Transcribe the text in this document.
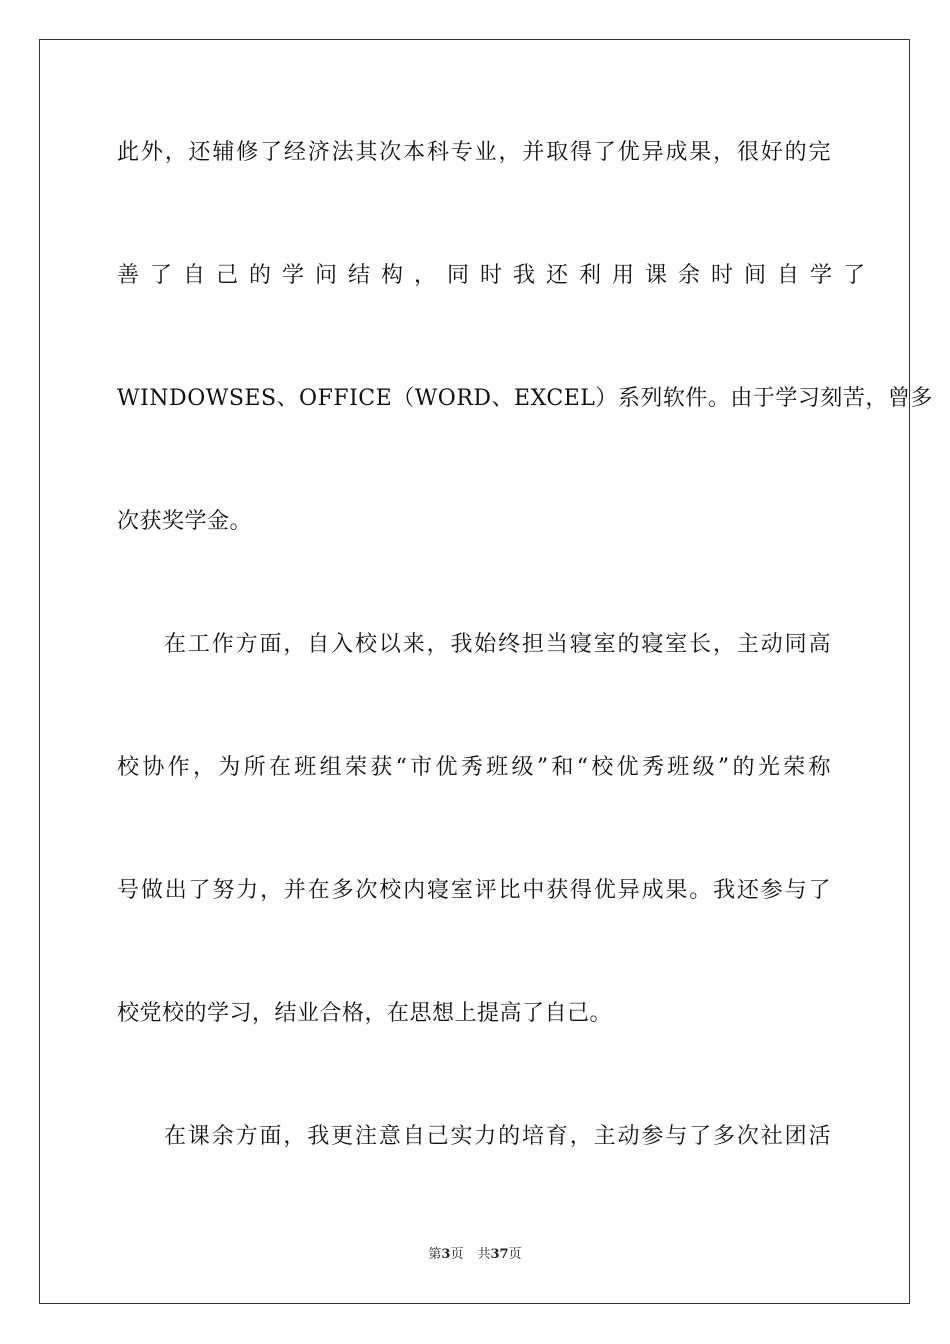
此外，还辅修了经济法其次本科专业，并取得了优异成果，很好的完
善了自己的学问结构，同时我还利用课余时间自学了
WINDOWSES、OFFICE（WORD、EXCEL）系列软件。由于学习刻苦，曾多
次获奖学金。
在工作方面，自入校以来，我始终担当寝室的寝室长，主动同高
校协作，为所在班组荣获“市优秀班级”和“校优秀班级”的光荣称
号做出了努力，并在多次校内寝室评比中获得优异成果。我还参与了
校党校的学习，结业合格，在思想上提高了自己。
在课余方面，我更注意自己实力的培育，主动参与了多次社团活
第3页 共37页
